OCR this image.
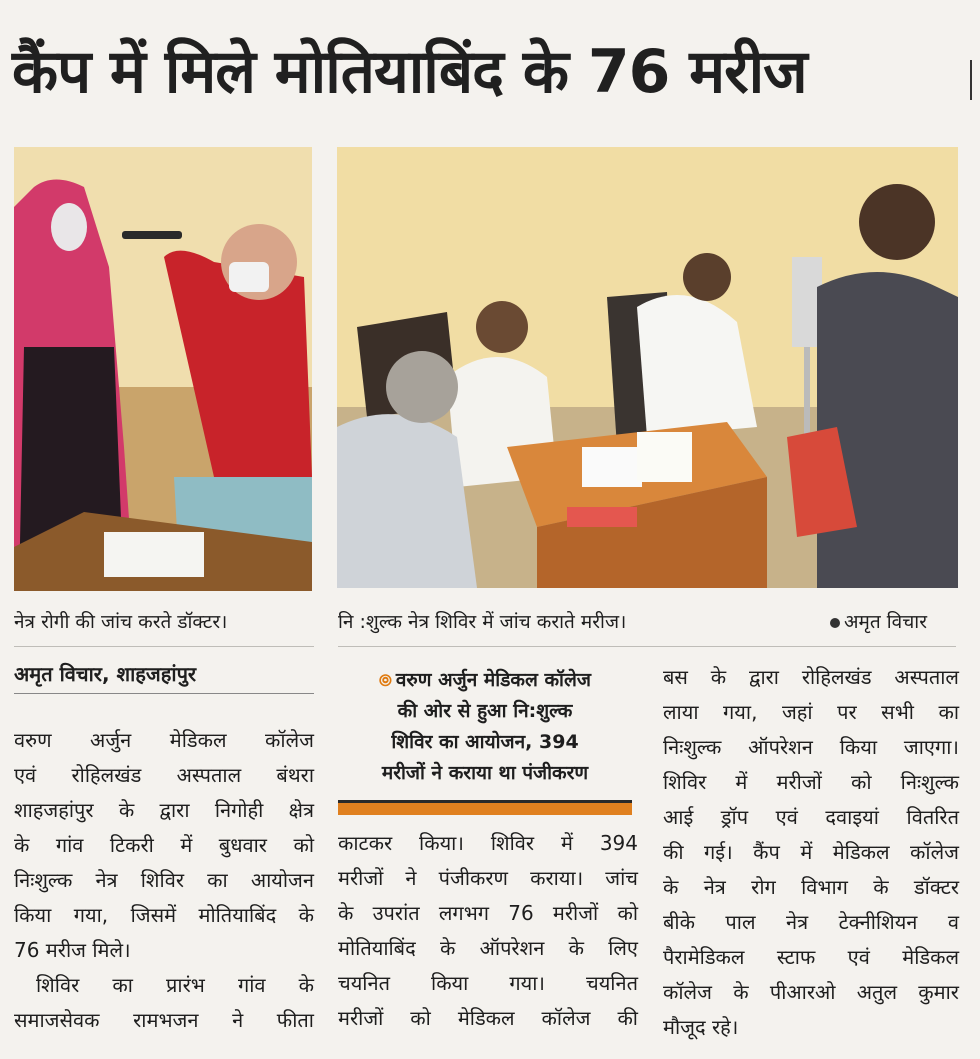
कैंप में मिले मोतियाबिंद के 76 मरीज
नेत्र रोगी की जांच करते डॉक्टर।	नि :शुल्क नेत्र शिविर में जांच कराते मरीज।	अमृत विचार
अमृत विचार, शाहजहांपुर	⦾ वरुण अर्जुन मेडिकल कॉलेज
की ओर से हुआ नि:शुल्क
शिविर का आयोजन, 394
मरीजों ने कराया था पंजीकरण
वरुण अर्जुन मेडिकल कॉलेज
एवं रोहिलखंड अस्पताल बंथरा
शाहजहांपुर के द्वारा निगोही क्षेत्र
के गांव टिकरी में बुधवार को
निःशुल्क नेत्र शिविर का आयोजन
किया गया, जिसमें मोतियाबिंद के
76 मरीज मिले।
शिविर का प्रारंभ गांव के
समाजसेवक रामभजन ने फीता
काटकर किया। शिविर में 394
मरीजों ने पंजीकरण कराया। जांच
के उपरांत लगभग 76 मरीजों को
मोतियाबिंद के ऑपरेशन के लिए
चयनित किया गया। चयनित
मरीजों को मेडिकल कॉलेज की
बस के द्वारा रोहिलखंड अस्पताल
लाया गया, जहां पर सभी का
निःशुल्क ऑपरेशन किया जाएगा।
शिविर में मरीजों को निःशुल्क
आई ड्रॉप एवं दवाइयां वितरित
की गई। कैंप में मेडिकल कॉलेज
के नेत्र रोग विभाग के डॉक्टर
बीके पाल नेत्र टेक्नीशियन व
पैरामेडिकल स्टाफ एवं मेडिकल
कॉलेज के पीआरओ अतुल कुमार
मौजूद रहे।
